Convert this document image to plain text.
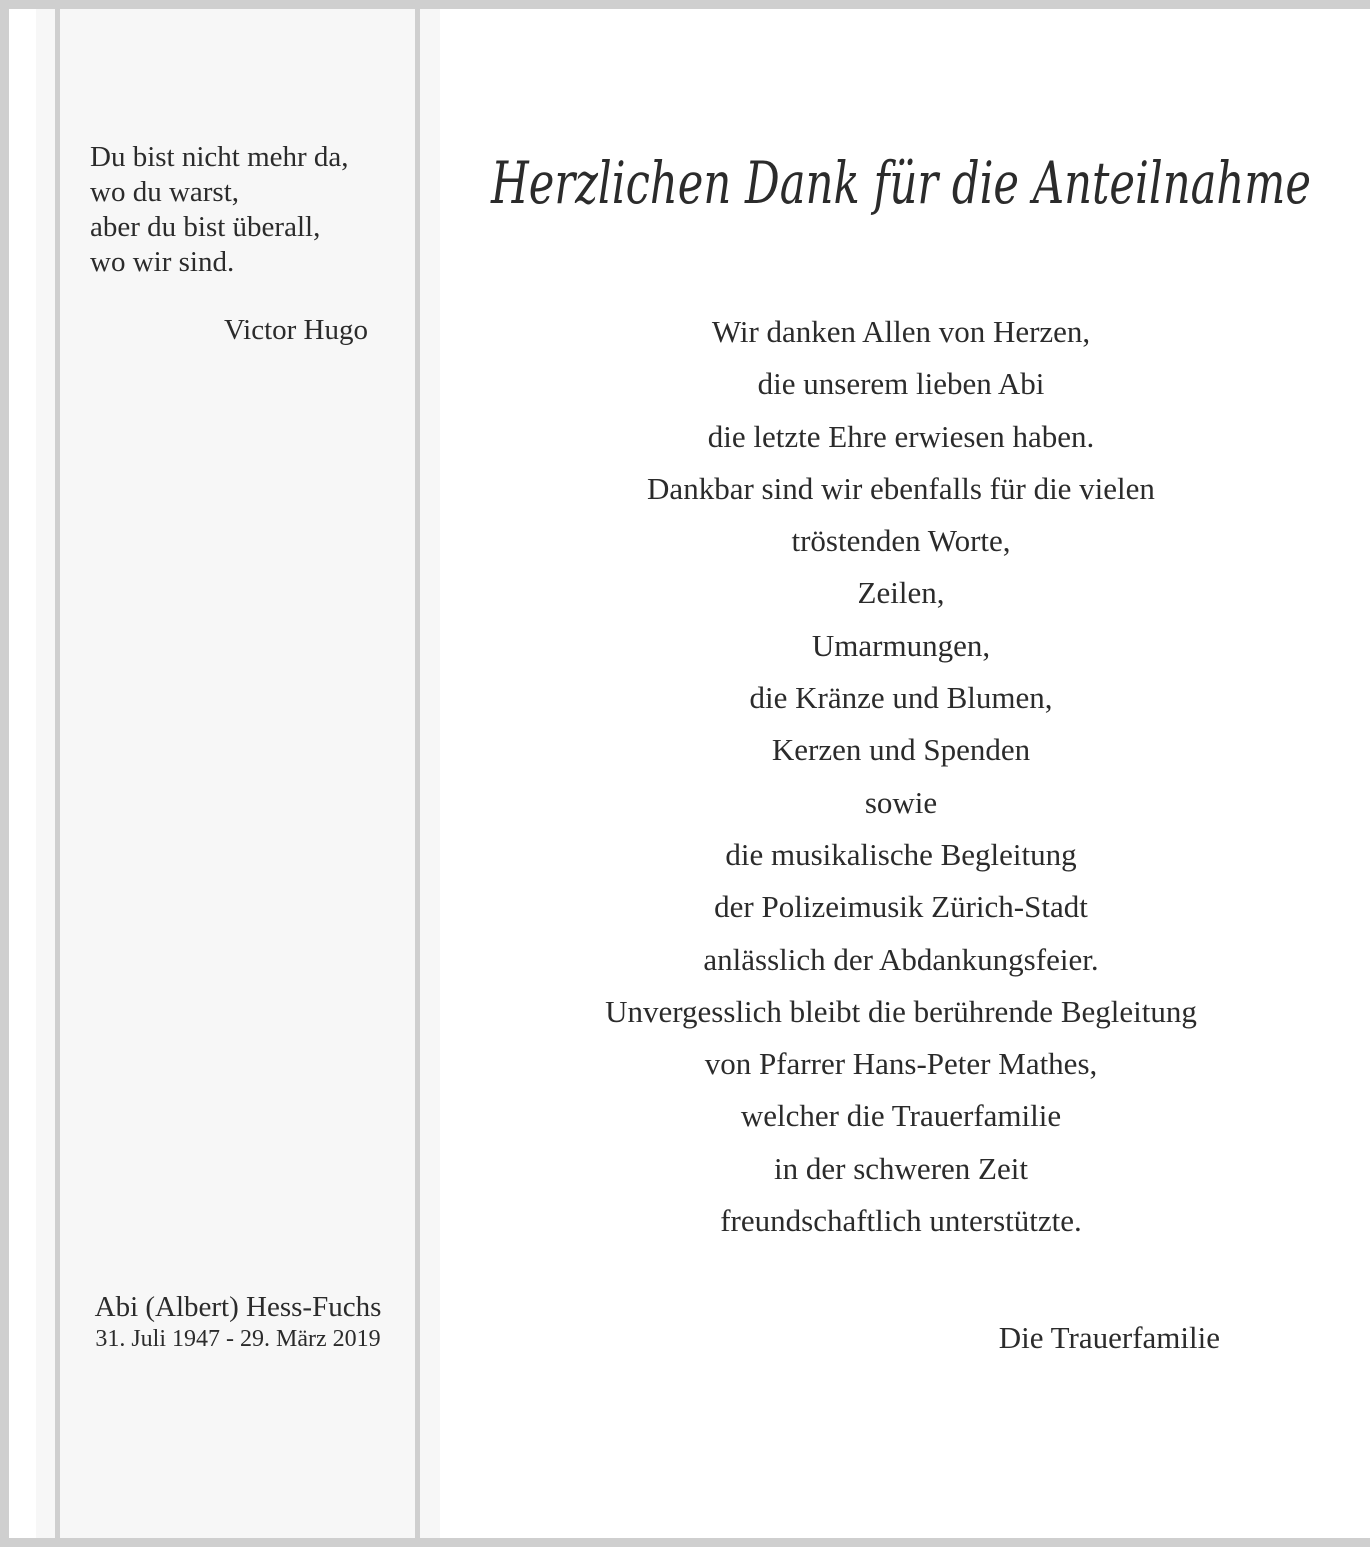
Du bist nicht mehr da,
wo du warst,
aber du bist überall,
wo wir sind.
Victor Hugo
Abi (Albert) Hess-Fuchs
31. Juli 1947 - 29. März 2019
Herzlichen Dank für die Anteilnahme
Wir danken Allen von Herzen,
die unserem lieben Abi
die letzte Ehre erwiesen haben.
Dankbar sind wir ebenfalls für die vielen
tröstenden Worte,
Zeilen,
Umarmungen,
die Kränze und Blumen,
Kerzen und Spenden
sowie
die musikalische Begleitung
der Polizeimusik Zürich-Stadt
anlässlich der Abdankungsfeier.
Unvergesslich bleibt die berührende Begleitung
von Pfarrer Hans-Peter Mathes,
welcher die Trauerfamilie
in der schweren Zeit
freundschaftlich unterstützte.
Die Trauerfamilie
